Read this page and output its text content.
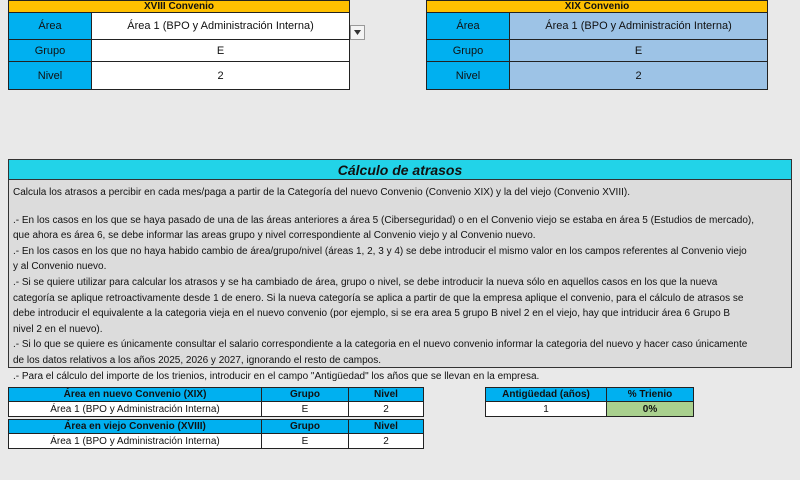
XVIII Convenio
Área	Área 1 (BPO y Administración Interna)
Grupo	E
Nivel	2
XIX Convenio
Área	Área 1 (BPO y Administración Interna)
Grupo	E
Nivel	2
Cálculo de atrasos

Calcula los atrasos a percibir en cada mes/paga a partir de la Categoría del nuevo Convenio (Convenio XIX) y la del viejo (Convenio XVIII).

.- En los casos en los que se haya pasado de una de las áreas anteriores a área 5 (Ciberseguridad) o en el Convenio viejo se estaba en área 5 (Estudios de mercado),

que ahora es área 6, se debe informar las areas grupo y nivel correspondiente al Convenio viejo y al Convenio nuevo.

.- En los casos en los que no haya habido cambio de área/grupo/nivel (áreas 1, 2, 3 y 4) se debe introducir el mismo valor en los campos referentes al Convenio viejo

y al Convenio nuevo.

.- Si se quiere utilizar para calcular los atrasos y se ha cambiado de área, grupo o nivel, se debe introducir la nueva sólo en aquellos casos en los que la nueva

categoría se aplique retroactivamente desde 1 de enero. Si la nueva categoría se aplica a partir de que la empresa aplique el convenio, para el cálculo de atrasos se

debe introducir el equivalente a la categoria vieja en el nuevo convenio (por ejemplo, si se era area 5 grupo B nivel 2 en el viejo, hay que intriducir área 6 Grupo B

nivel 2 en el nuevo).

.- Si lo que se quiere es únicamente consultar el salario correspondiente a la categoria en el nuevo convenio informar la categoria del nuevo y hacer caso únicamente

de los datos relativos a los años 2025, 2026 y 2027, ignorando el resto de campos.

.- Para el cálculo del importe de los trienios, introducir en el campo "Antigüedad" los años que se llevan en la empresa.

Área en nuevo Convenio (XIX)	Grupo	Nivel
Área 1 (BPO y Administración Interna)	E	2
Área en viejo Convenio (XVIII)	Grupo	Nivel
Área 1 (BPO y Administración Interna)	E	2
Antigüedad (años)	% Trienio
1	0%
